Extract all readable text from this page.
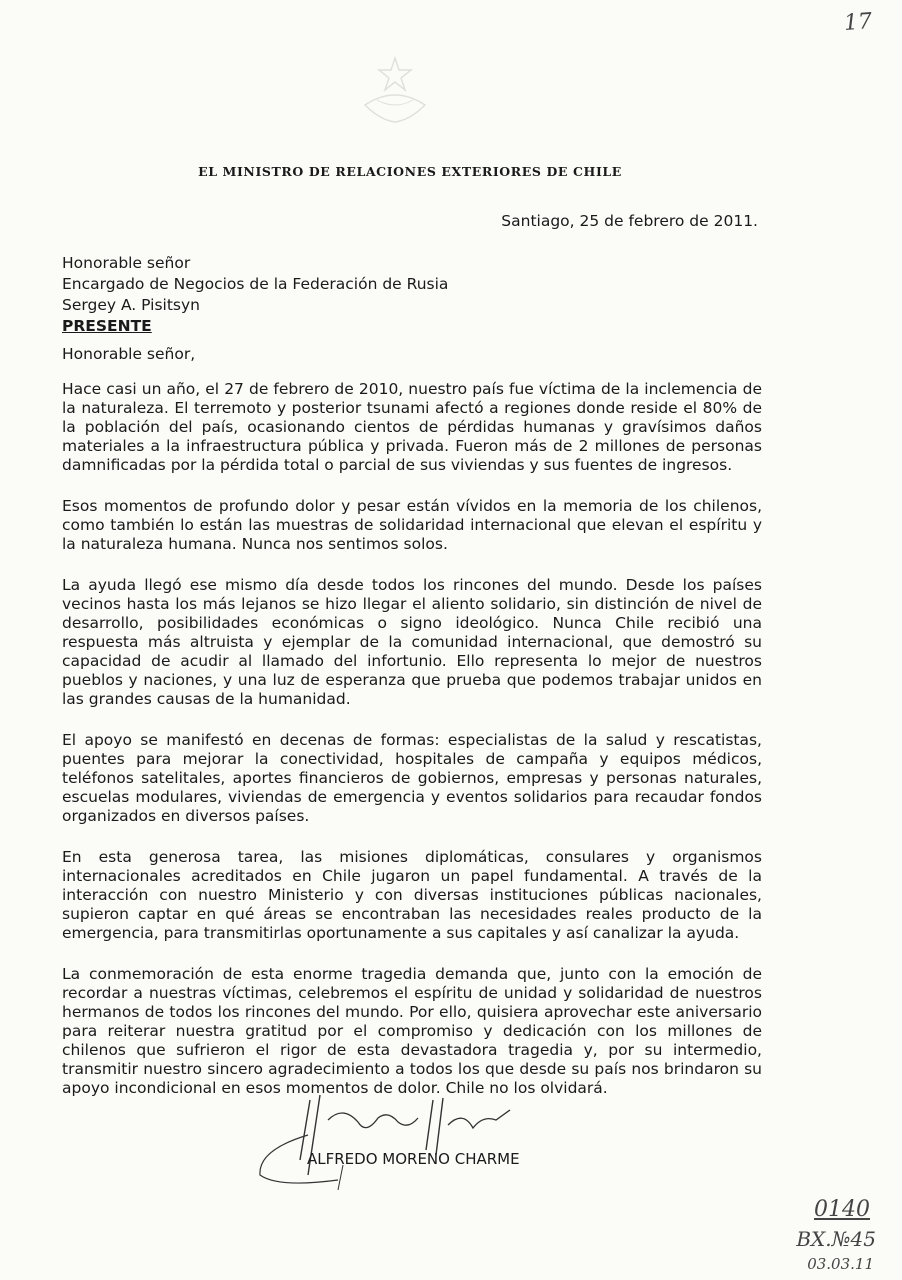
17
EL MINISTRO DE RELACIONES EXTERIORES DE CHILE
Santiago, 25 de febrero de 2011.
Honorable señor
Encargado de Negocios de la Federación de Rusia
Sergey A. Pisitsyn
PRESENTE
Honorable señor,

Hace casi un año, el 27 de febrero de 2010, nuestro país fue víctima de la inclemencia de la naturaleza. El terremoto y posterior tsunami afectó a regiones donde reside el 80% de la población del país, ocasionando cientos de pérdidas humanas y gravísimos daños materiales a la infraestructura pública y privada. Fueron más de 2 millones de personas damnificadas por la pérdida total o parcial de sus viviendas y sus fuentes de ingresos.

Esos momentos de profundo dolor y pesar están vívidos en la memoria de los chilenos, como también lo están las muestras de solidaridad internacional que elevan el espíritu y la naturaleza humana. Nunca nos sentimos solos.

La ayuda llegó ese mismo día desde todos los rincones del mundo. Desde los países vecinos hasta los más lejanos se hizo llegar el aliento solidario, sin distinción de nivel de desarrollo, posibilidades económicas o signo ideológico. Nunca Chile recibió una respuesta más altruista y ejemplar de la comunidad internacional, que demostró su capacidad de acudir al llamado del infortunio. Ello representa lo mejor de nuestros pueblos y naciones, y una luz de esperanza que prueba que podemos trabajar unidos en las grandes causas de la humanidad.

El apoyo se manifestó en decenas de formas: especialistas de la salud y rescatistas, puentes para mejorar la conectividad, hospitales de campaña y equipos médicos, teléfonos satelitales, aportes financieros de gobiernos, empresas y personas naturales, escuelas modulares, viviendas de emergencia y eventos solidarios para recaudar fondos organizados en diversos países.

En esta generosa tarea, las misiones diplomáticas, consulares y organismos internacionales acreditados en Chile jugaron un papel fundamental. A través de la interacción con nuestro Ministerio y con diversas instituciones públicas nacionales, supieron captar en qué áreas se encontraban las necesidades reales producto de la emergencia, para transmitirlas oportunamente a sus capitales y así canalizar la ayuda.

La conmemoración de esta enorme tragedia demanda que, junto con la emoción de recordar a nuestras víctimas, celebremos el espíritu de unidad y solidaridad de nuestros hermanos de todos los rincones del mundo. Por ello, quisiera aprovechar este aniversario para reiterar nuestra gratitud por el compromiso y dedicación con los millones de chilenos que sufrieron el rigor de esta devastadora tragedia y, por su intermedio, transmitir nuestro sincero agradecimiento a todos los que desde su país nos brindaron su apoyo incondicional en esos momentos de dolor. Chile no los olvidará.

ALFREDO MORENO CHARME
0140
ВХ.№45
03.03.11
